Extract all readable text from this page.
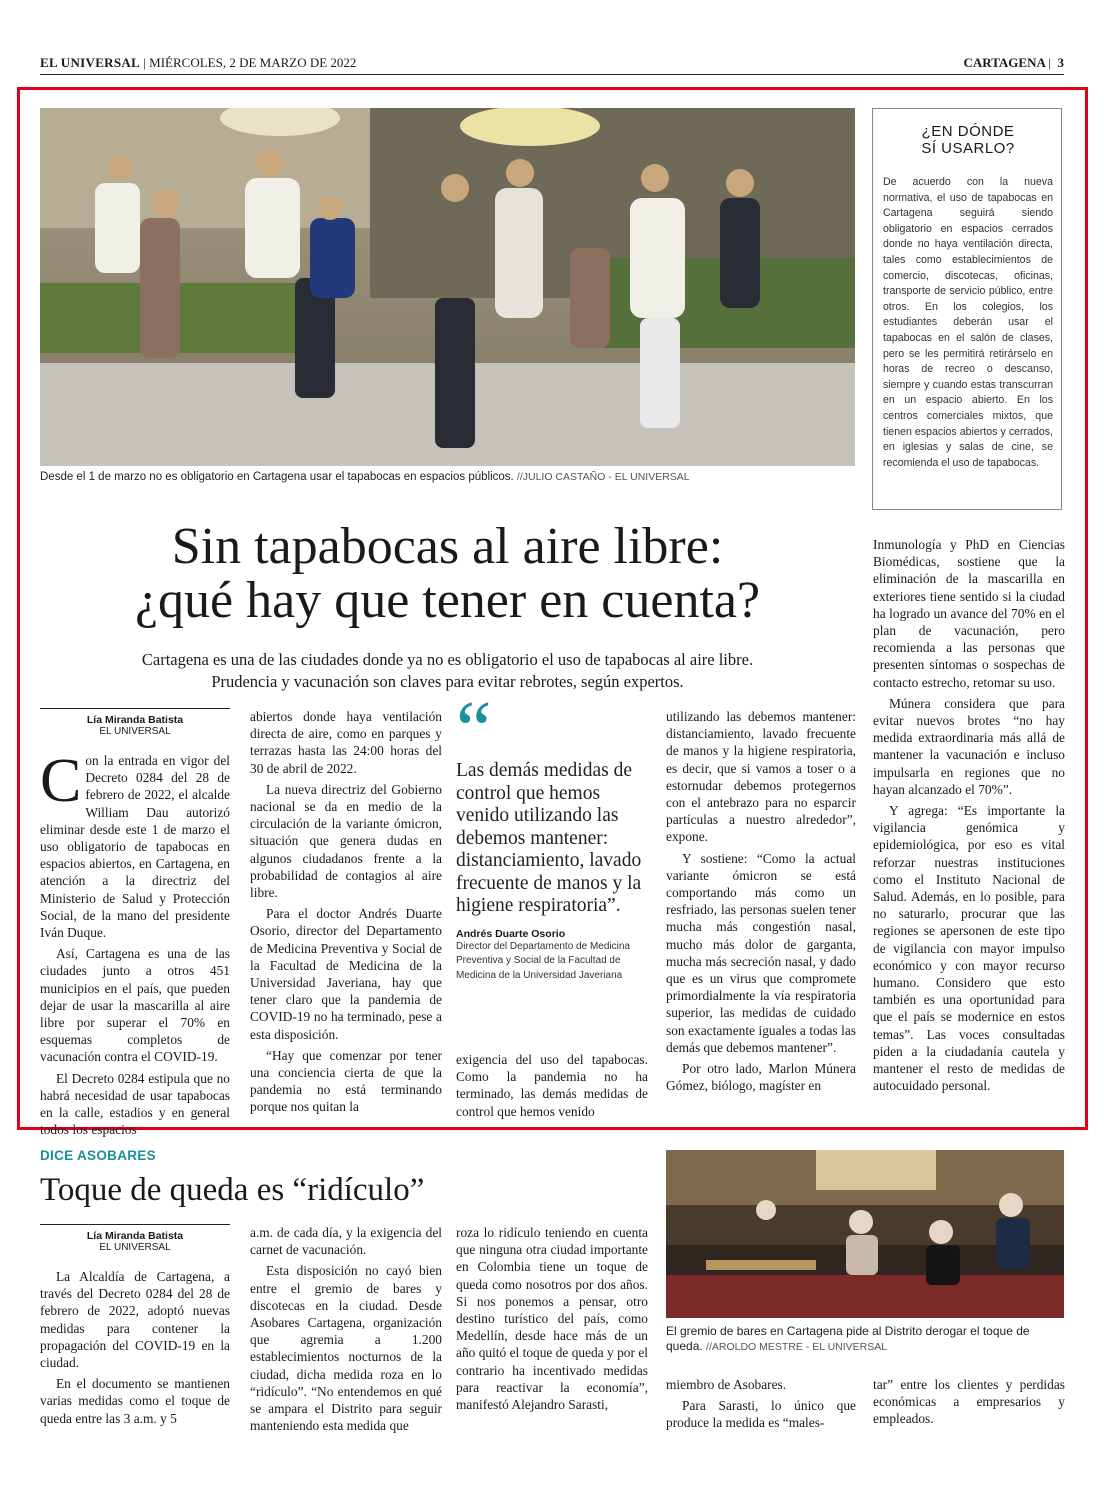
EL UNIVERSAL | MIÉRCOLES, 2 DE MARZO DE 2022	CARTAGENA |  3
Desde el 1 de marzo no es obligatorio en Cartagena usar el tapabocas en espacios públicos. //JULIO CASTAÑO - EL UNIVERSAL
¿EN DÓNDE
SÍ USARLO?

De acuerdo con la nueva normativa, el uso de tapabocas en Cartagena seguirá siendo obligatorio en espacios cerrados donde no haya ventilación directa, tales como establecimientos de comercio, discotecas, oficinas, transporte de servicio público, entre otros. En los colegios, los estudiantes deberán usar el tapabocas en el salón de clases, pero se les permitirá retirárselo en horas de recreo o descanso, siempre y cuando estas transcurran en un espacio abierto. En los centros comerciales mixtos, que tienen espacios abiertos y cerrados, en iglesias y salas de cine, se recomienda el uso de tapabocas.

Sin tapabocas al aire libre:
¿qué hay que tener en cuenta?
Cartagena es una de las ciudades donde ya no es obligatorio el uso de tapabocas al aire libre.
Prudencia y vacunación son claves para evitar rebrotes, según expertos.
Lía Miranda Batista
EL UNIVERSAL

Con la entrada en vigor del Decreto 0284 del 28 de febrero de 2022, el alcalde William Dau autorizó eliminar desde este 1 de marzo el uso obligatorio de tapabocas en espacios abiertos, en Cartagena, en atención a la directriz del Ministerio de Salud y Protección Social, de la mano del presidente Iván Duque.

Así, Cartagena es una de las ciudades junto a otros 451 municipios en el país, que pueden dejar de usar la mascarilla al aire libre por superar el 70% en esquemas completos de vacunación contra el COVID-19.

El Decreto 0284 estipula que no habrá necesidad de usar tapabocas en la calle, estadios y en general todos los espacios

abiertos donde haya ventilación directa de aire, como en parques y terrazas hasta las 24:00 horas del 30 de abril de 2022.

La nueva directriz del Gobierno nacional se da en medio de la circulación de la variante ómicron, situación que genera dudas en algunos ciudadanos frente a la probabilidad de contagios al aire libre.

Para el doctor Andrés Duarte Osorio, director del Departamento de Medicina Preventiva y Social de la Facultad de Medicina de la Universidad Javeriana, hay que tener claro que la pandemia de COVID-19 no ha terminado, pese a esta disposición.

“Hay que comenzar por tener una conciencia cierta de que la pandemia no está terminando porque nos quitan la

“
Las demás medidas de control que hemos venido utilizando las debemos mantener: distanciamiento, lavado frecuente de manos y la higiene respiratoria”.
Andrés Duarte Osorio
Director del Departamento de Medicina Preventiva y Social de la Facultad de Medicina de la Universidad Javeriana

exigencia del uso del tapabocas. Como la pandemia no ha terminado, las demás medidas de control que hemos venido

utilizando las debemos mantener: distanciamiento, lavado frecuente de manos y la higiene respiratoria, es decir, que si vamos a toser o a estornudar debemos protegernos con el antebrazo para no esparcir partículas a nuestro alrededor”, expone.

Y sostiene: “Como la actual variante ómicron se está comportando más como un resfriado, las personas suelen tener mucha más congestión nasal, mucho más dolor de garganta, mucha más secreción nasal, y dado que es un virus que compromete primordialmente la vía respiratoria superior, las medidas de cuidado son exactamente iguales a todas las demás que debemos mantener”.

Por otro lado, Marlon Múnera Gómez, biólogo, magíster en

Inmunología y PhD en Ciencias Biomédicas, sostiene que la eliminación de la mascarilla en exteriores tiene sentido si la ciudad ha logrado un avance del 70% en el plan de vacunación, pero recomienda a las personas que presenten síntomas o sospechas de contacto estrecho, retomar su uso.

Múnera considera que para evitar nuevos brotes “no hay medida extraordinaria más allá de mantener la vacunación e incluso impulsarla en regiones que no hayan alcanzado el 70%”.

Y agrega: “Es importante la vigilancia genómica y epidemiológica, por eso es vital reforzar nuestras instituciones como el Instituto Nacional de Salud. Además, en lo posible, para no saturarlo, procurar que las regiones se apersonen de este tipo de vigilancia con mayor impulso económico y con mayor recurso humano. Considero que esto también es una oportunidad para que el país se modernice en estos temas”. Las voces consultadas piden a la ciudadanía cautela y mantener el resto de medidas de autocuidado personal.

DICE ASOBARES
Toque de queda es “ridículo”
Lía Miranda Batista
EL UNIVERSAL

La Alcaldía de Cartagena, a través del Decreto 0284 del 28 de febrero de 2022, adoptó nuevas medidas para contener la propagación del COVID-19 en la ciudad.

En el documento se mantienen varias medidas como el toque de queda entre las 3 a.m. y 5

a.m. de cada día, y la exigencia del carnet de vacunación.

Esta disposición no cayó bien entre el gremio de bares y discotecas en la ciudad. Desde Asobares Cartagena, organización que agremia a 1.200 establecimientos nocturnos de la ciudad, dicha medida roza en lo “ridículo”. “No entendemos en qué se ampara el Distrito para seguir manteniendo esta medida que

roza lo ridículo teniendo en cuenta que ninguna otra ciudad importante en Colombia tiene un toque de queda como nosotros por dos años. Si nos ponemos a pensar, otro destino turístico del país, como Medellín, desde hace más de un año quitó el toque de queda y por el contrario ha incentivado medidas para reactivar la economía”, manifestó Alejandro Sarasti,

El gremio de bares en Cartagena pide al Distrito derogar el toque de queda. //AROLDO MESTRE - EL UNIVERSAL

miembro de Asobares.

Para Sarasti, lo único que produce la medida es “males-

tar” entre los clientes y perdidas económicas a empresarios y empleados.
